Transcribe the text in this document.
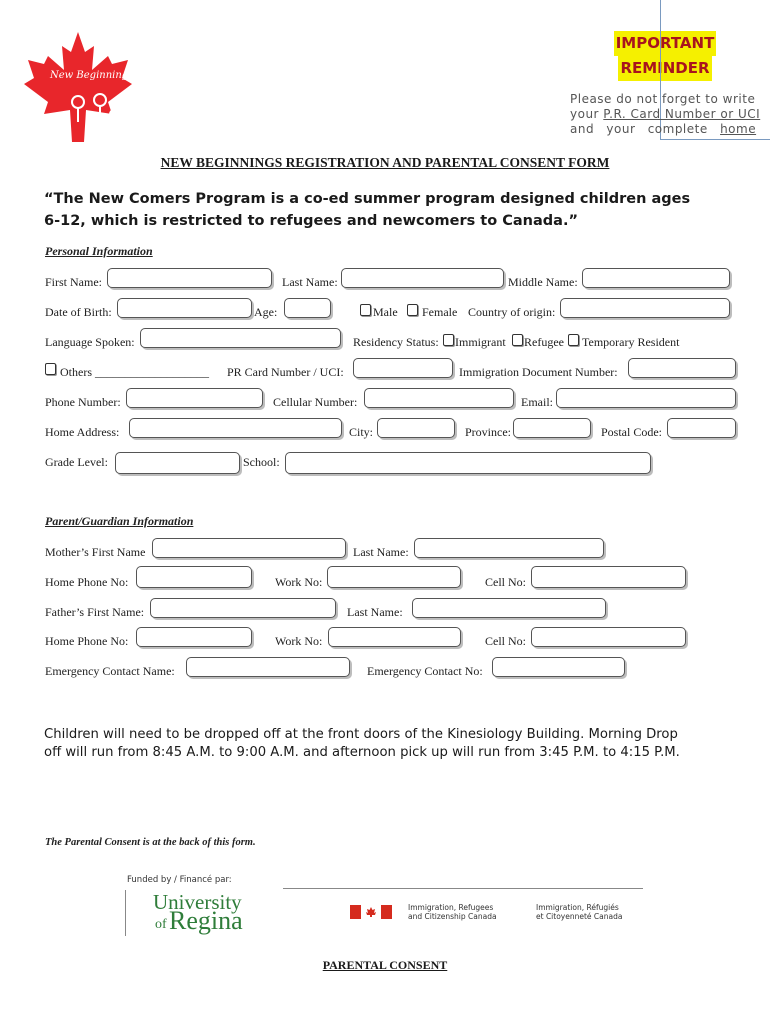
New Beginnings
IMPORTANT
REMINDER
Please do not forget to write
your P.R. Card Number or UCI
and your complete home
NEW BEGINNINGS REGISTRATION AND PARENTAL CONSENT FORM
“The New Comers Program is a co-ed summer program designed children ages
6-12, which is restricted to refugees and newcomers to Canada.”
Personal Information
First Name:	Last Name:	Middle Name:
Date of Birth:	Age:	Male Female Country of origin:
Language Spoken:	Residency Status: Immigrant Refugee Temporary Resident
Others ___________________ PR Card Number / UCI:	Immigration Document Number:
Phone Number:	Cellular Number:	Email:
Home Address:	City:	Province:	Postal Code:
Grade Level:	School:
Parent/Guardian Information
Mother’s First Name	Last Name:
Home Phone No:	Work No:	Cell No:
Father’s First Name:	Last Name:
Home Phone No:	Work No:	Cell No:
Emergency Contact Name:	Emergency Contact No:
Children will need to be dropped off at the front doors of the Kinesiology Building. Morning Drop
off will run from 8:45 A.M. to 9:00 A.M. and afternoon pick up will run from 3:45 P.M. to 4:15 P.M.
The Parental Consent is at the back of this form.
Funded by / Financé par:
University
of Regina	Immigration, Refugees
and Citizenship Canada
Immigration, Réfugiés
et Citoyenneté Canada
PARENTAL CONSENT
